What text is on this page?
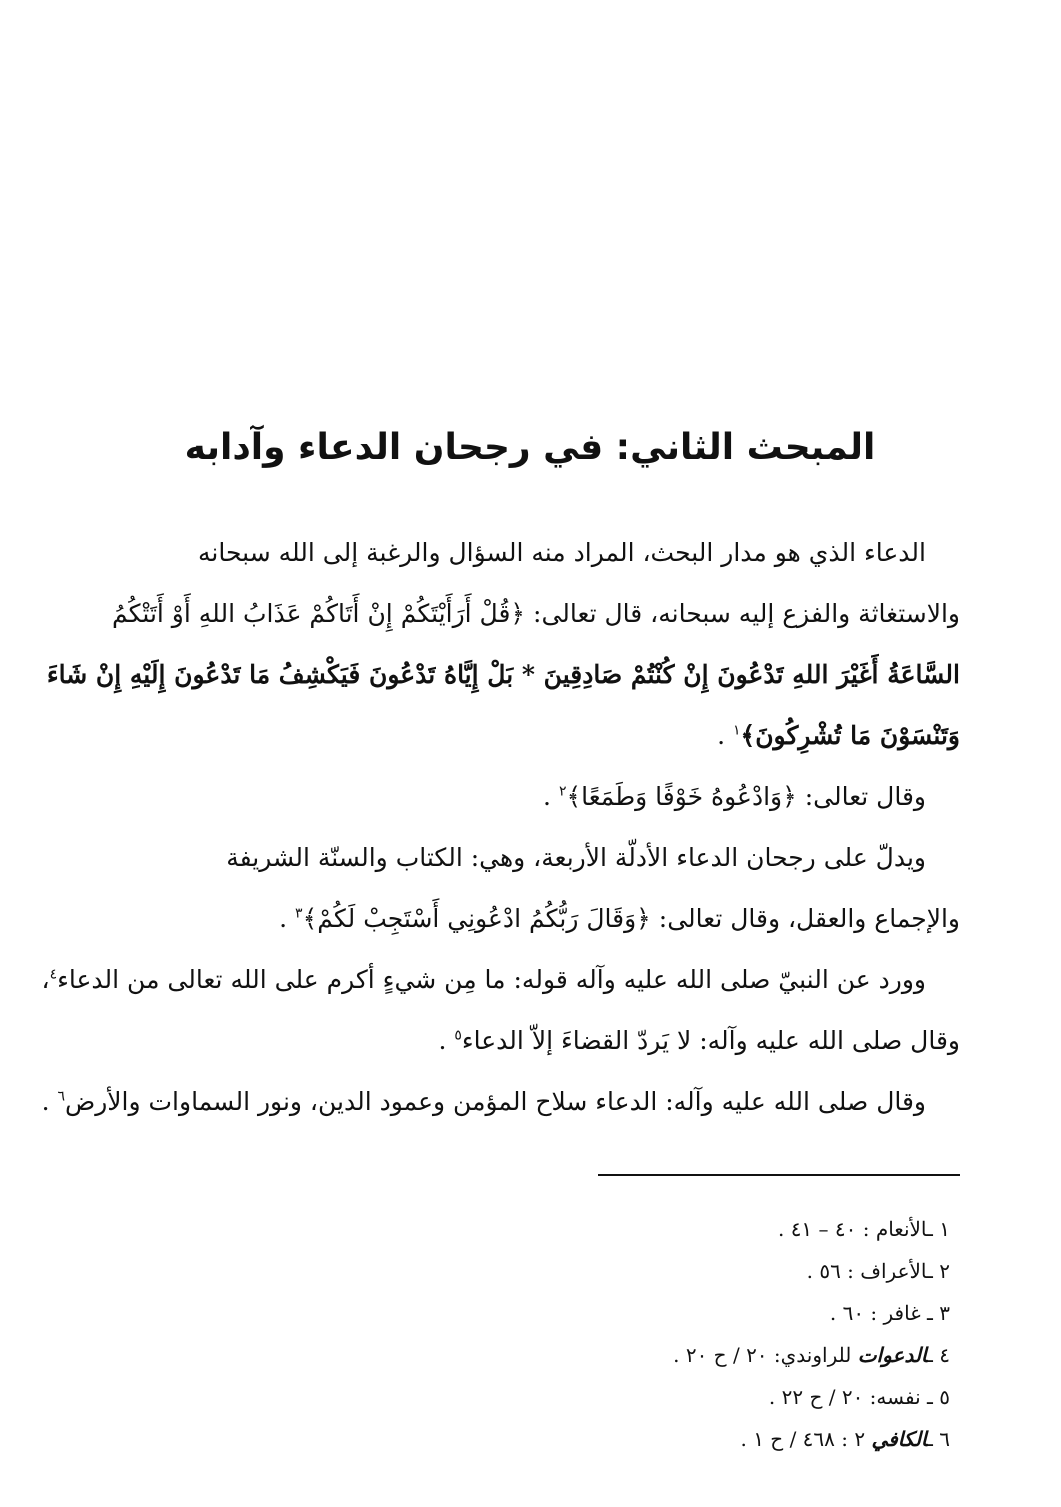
المبحث الثاني: في رجحان الدعاء وآدابه

الدعاء الذي هو مدار البحث، المراد منه السؤال والرغبة إلى الله سبحانه

والاستغاثة والفزع إليه سبحانه، قال تعالى: ﴿قُلْ أَرَأَيْتَكُمْ إِنْ أَتَاكُمْ عَذَابُ اللهِ أَوْ أَتَتْكُمُ

السَّاعَةُ أَغَيْرَ اللهِ تَدْعُونَ إِنْ كُنْتُمْ صَادِقِينَ * بَلْ إِيَّاهُ تَدْعُونَ فَيَكْشِفُ مَا تَدْعُونَ إِلَيْهِ إِنْ شَاءَ

وَتَنْسَوْنَ مَا تُشْرِكُونَ﴾$^١$ .

وقال تعالى: ﴿وَادْعُوهُ خَوْفًا وَطَمَعًا﴾$^٢$ .

ويدلّ على رجحان الدعاء الأدلّة الأربعة، وهي: الكتاب والسنّة الشريفة

والإجماع والعقل، وقال تعالى: ﴿وَقَالَ رَبُّكُمُ ادْعُونِي أَسْتَجِبْ لَكُمْ﴾$^٣$ .

وورد عن النبيّ صلى الله عليه وآله قوله: ما مِن شيءٍ أكرم على الله تعالى من الدعاء$^٤$،

وقال صلى الله عليه وآله: لا يَردّ القضاءَ إلاّ الدعاء$^٥$ .

وقال صلى الله عليه وآله: الدعاء سلاح المؤمن وعمود الدين، ونور السماوات والأرض$^٦$ .

١ ـالأنعام : ٤٠ – ٤١ .
٢ ـالأعراف : ٥٦ .
٣ ـ غافر : ٦٠ .
٤ ـالدعوات للراوندي: ٢٠ / ح ٢٠ .
٥ ـ نفسه: ٢٠ / ح ٢٢ .
٦ ـالكافي ٢ : ٤٦٨ / ح ١ .
